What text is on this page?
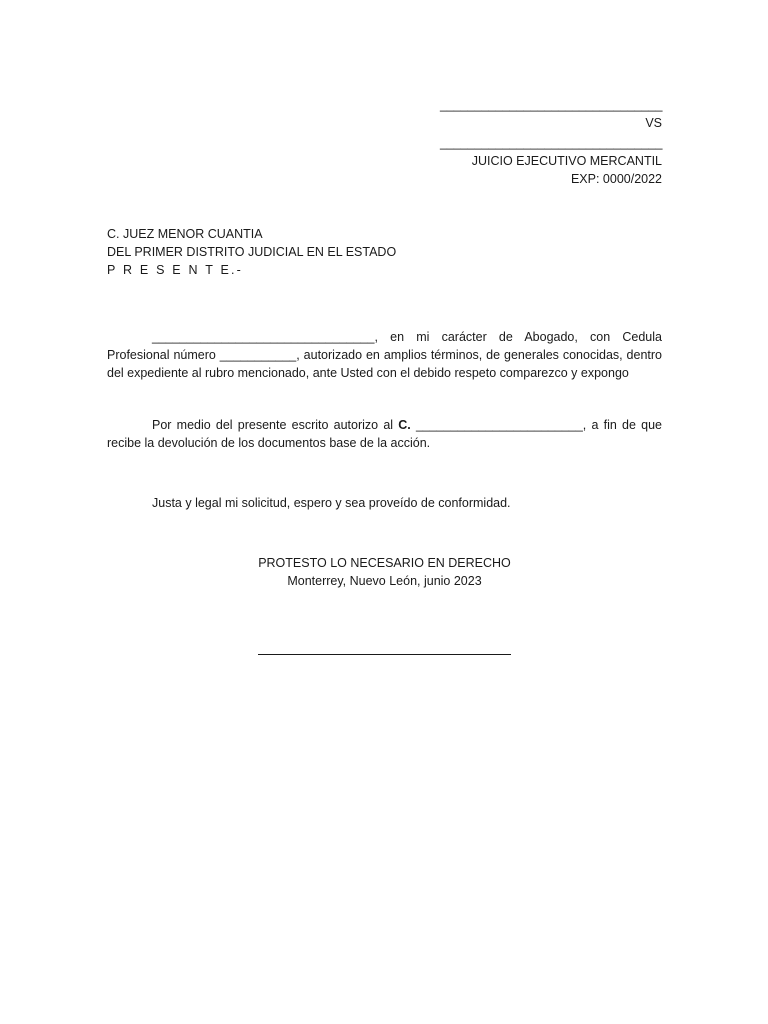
________________________________
VS
________________________________
JUICIO EJECUTIVO MERCANTIL
EXP: 0000/2022
C. JUEZ MENOR CUANTIA
DEL PRIMER DISTRITO JUDICIAL EN EL ESTADO
P R E S E N T E.-
________________________________, en mi carácter de Abogado, con Cedula Profesional número ___________, autorizado en amplios términos, de generales conocidas, dentro del expediente al rubro mencionado, ante Usted con el debido respeto comparezco y expongo
Por medio del presente escrito autorizo al C. ________________________, a fin de que recibe la devolución de los documentos base de la acción.
Justa y legal mi solicitud, espero y sea proveído de conformidad.
PROTESTO LO NECESARIO EN DERECHO
Monterrey, Nuevo León, junio 2023
